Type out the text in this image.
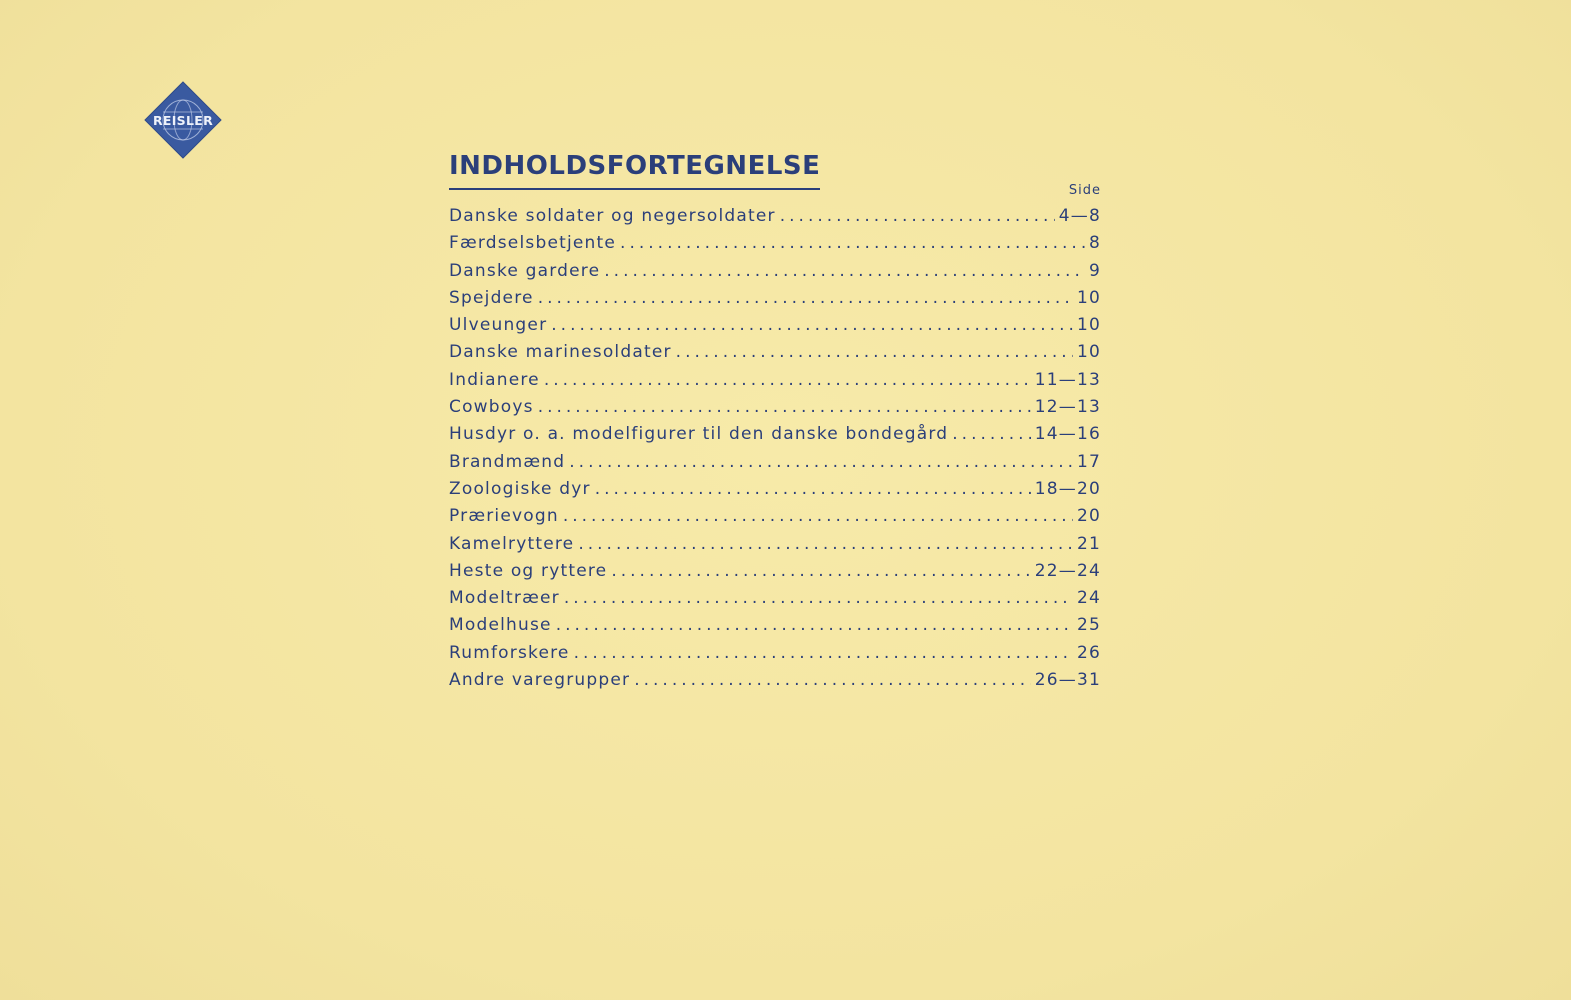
REISLER
INDHOLDSFORTEGNELSE
Side
Danske soldater og negersoldater .....	4—8
Færdselsbetjente .....	8
Danske gardere .....	9
Spejdere .....	10
Ulveunger .....	10
Danske marinesoldater .....	10
Indianere .....	11—13
Cowboys .....	12—13
Husdyr o. a. modelfigurer til den danske bondegård .....	14—16
Brandmænd .....	17
Zoologiske dyr .....	18—20
Prærievogn .....	20
Kamelryttere .....	21
Heste og ryttere .....	22—24
Modeltræer .....	24
Modelhuse .....	25
Rumforskere .....	26
Andre varegrupper .....	26—31
